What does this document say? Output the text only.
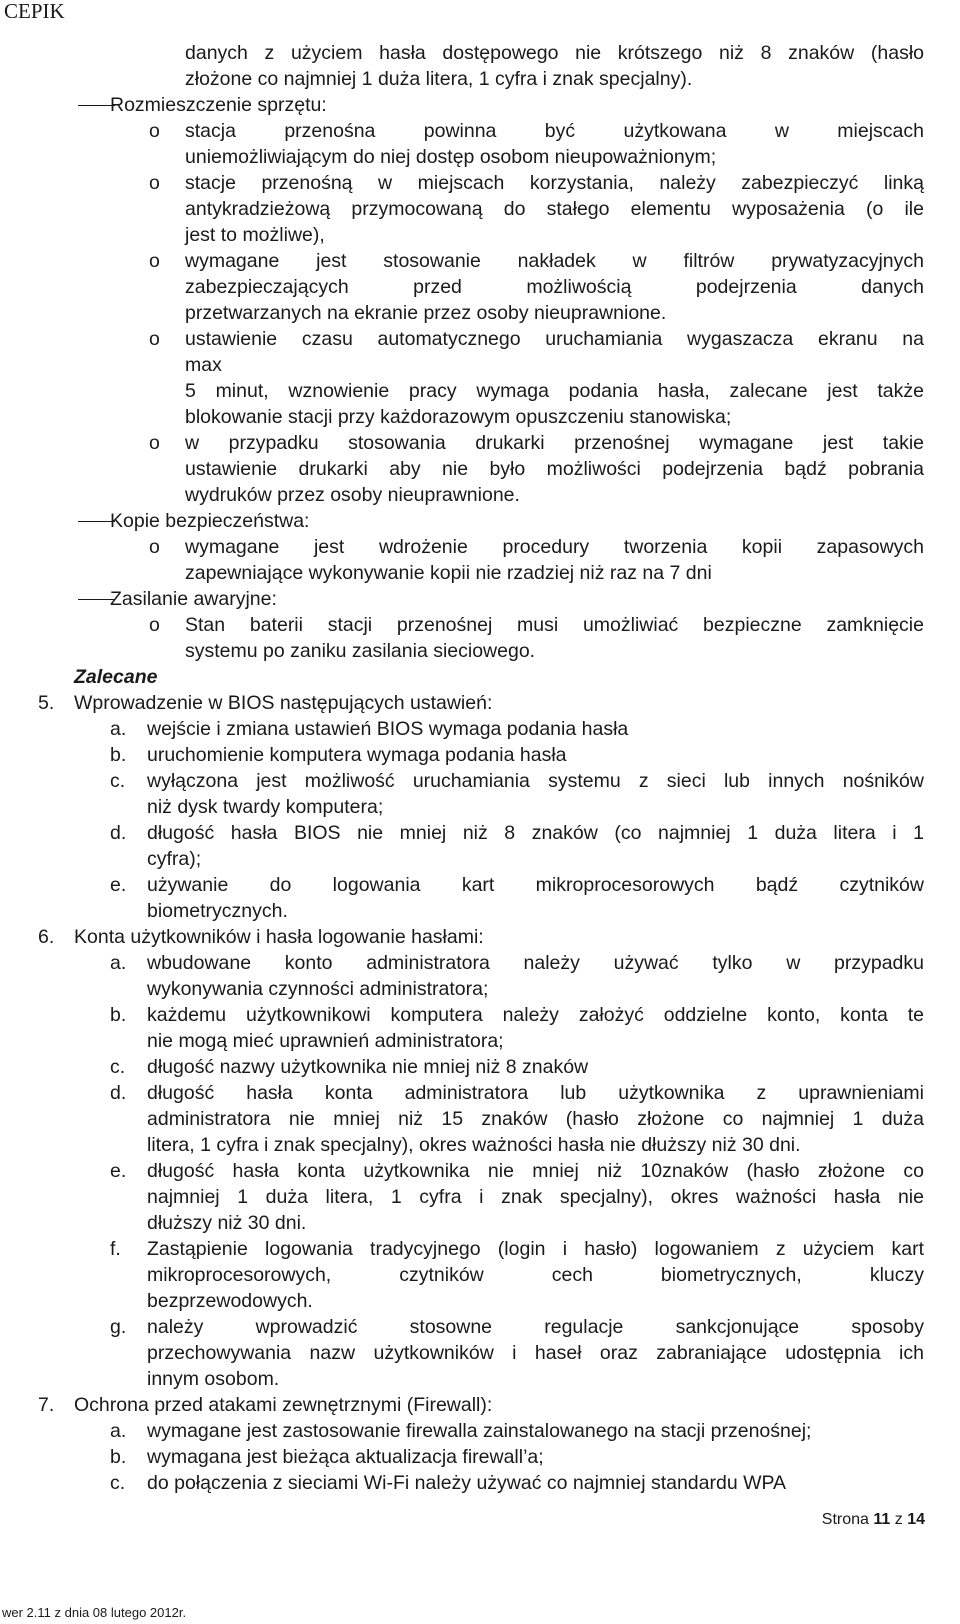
CEPIK
danych z użyciem hasła dostępowego nie krótszego niż 8 znaków (hasło
złożone co najmniej 1 duża litera, 1 cyfra i znak specjalny).
Rozmieszczenie sprzętu:
o stacja przenośna powinna być użytkowana w miejscach
uniemożliwiającym do niej dostęp osobom nieupoważnionym;
o stacje przenośną w miejscach korzystania, należy zabezpieczyć linką
antykradzieżową przymocowaną do stałego elementu wyposażenia (o ile
jest to możliwe),
o wymagane jest stosowanie nakładek w filtrów prywatyzacyjnych
zabezpieczających przed możliwością podejrzenia danych
przetwarzanych na ekranie przez osoby nieuprawnione.
o ustawienie czasu automatycznego uruchamiania wygaszacza ekranu na
max
5 minut, wznowienie pracy wymaga podania hasła, zalecane jest także
blokowanie stacji przy każdorazowym opuszczeniu stanowiska;
o w przypadku stosowania drukarki przenośnej wymagane jest takie
ustawienie drukarki aby nie było możliwości podejrzenia bądź pobrania
wydruków przez osoby nieuprawnione.
Kopie bezpieczeństwa:
o wymagane jest wdrożenie procedury tworzenia kopii zapasowych
zapewniające wykonywanie kopii nie rzadziej niż raz na 7 dni
Zasilanie awaryjne:
o Stan baterii stacji przenośnej musi umożliwiać bezpieczne zamknięcie
systemu po zaniku zasilania sieciowego.
Zalecane
5. Wprowadzenie w BIOS następujących ustawień:
a. wejście i zmiana ustawień BIOS wymaga podania hasła
b. uruchomienie komputera wymaga podania hasła
c. wyłączona jest możliwość uruchamiania systemu z sieci lub innych nośników
niż dysk twardy komputera;
d. długość hasła BIOS nie mniej niż 8 znaków (co najmniej 1 duża litera i 1
cyfra);
e. używanie do logowania kart mikroprocesorowych bądź czytników
biometrycznych.
6. Konta użytkowników i hasła logowanie hasłami:
a. wbudowane konto administratora należy używać tylko w przypadku
wykonywania czynności administratora;
b. każdemu użytkownikowi komputera należy założyć oddzielne konto, konta te
nie mogą mieć uprawnień administratora;
c. długość nazwy użytkownika nie mniej niż 8 znaków
d. długość hasła konta administratora lub użytkownika z uprawnieniami
administratora nie mniej niż 15 znaków (hasło złożone co najmniej 1 duża
litera, 1 cyfra i znak specjalny), okres ważności hasła nie dłuższy niż 30 dni.
e. długość hasła konta użytkownika nie mniej niż 10znaków (hasło złożone co
najmniej 1 duża litera, 1 cyfra i znak specjalny), okres ważności hasła nie
dłuższy niż 30 dni.
f. Zastąpienie logowania tradycyjnego (login i hasło) logowaniem z użyciem kart
mikroprocesorowych, czytników cech biometrycznych, kluczy
bezprzewodowych.
g. należy wprowadzić stosowne regulacje sankcjonujące sposoby
przechowywania nazw użytkowników i haseł oraz zabraniające udostępnia ich
innym osobom.
7. Ochrona przed atakami zewnętrznymi (Firewall):
a. wymagane jest zastosowanie firewalla zainstalowanego na stacji przenośnej;
b. wymagana jest bieżąca aktualizacja firewall’a;
c. do połączenia z sieciami Wi-Fi należy używać co najmniej standardu WPA
Strona 11 z 14
wer 2.11 z dnia 08 lutego 2012r.
